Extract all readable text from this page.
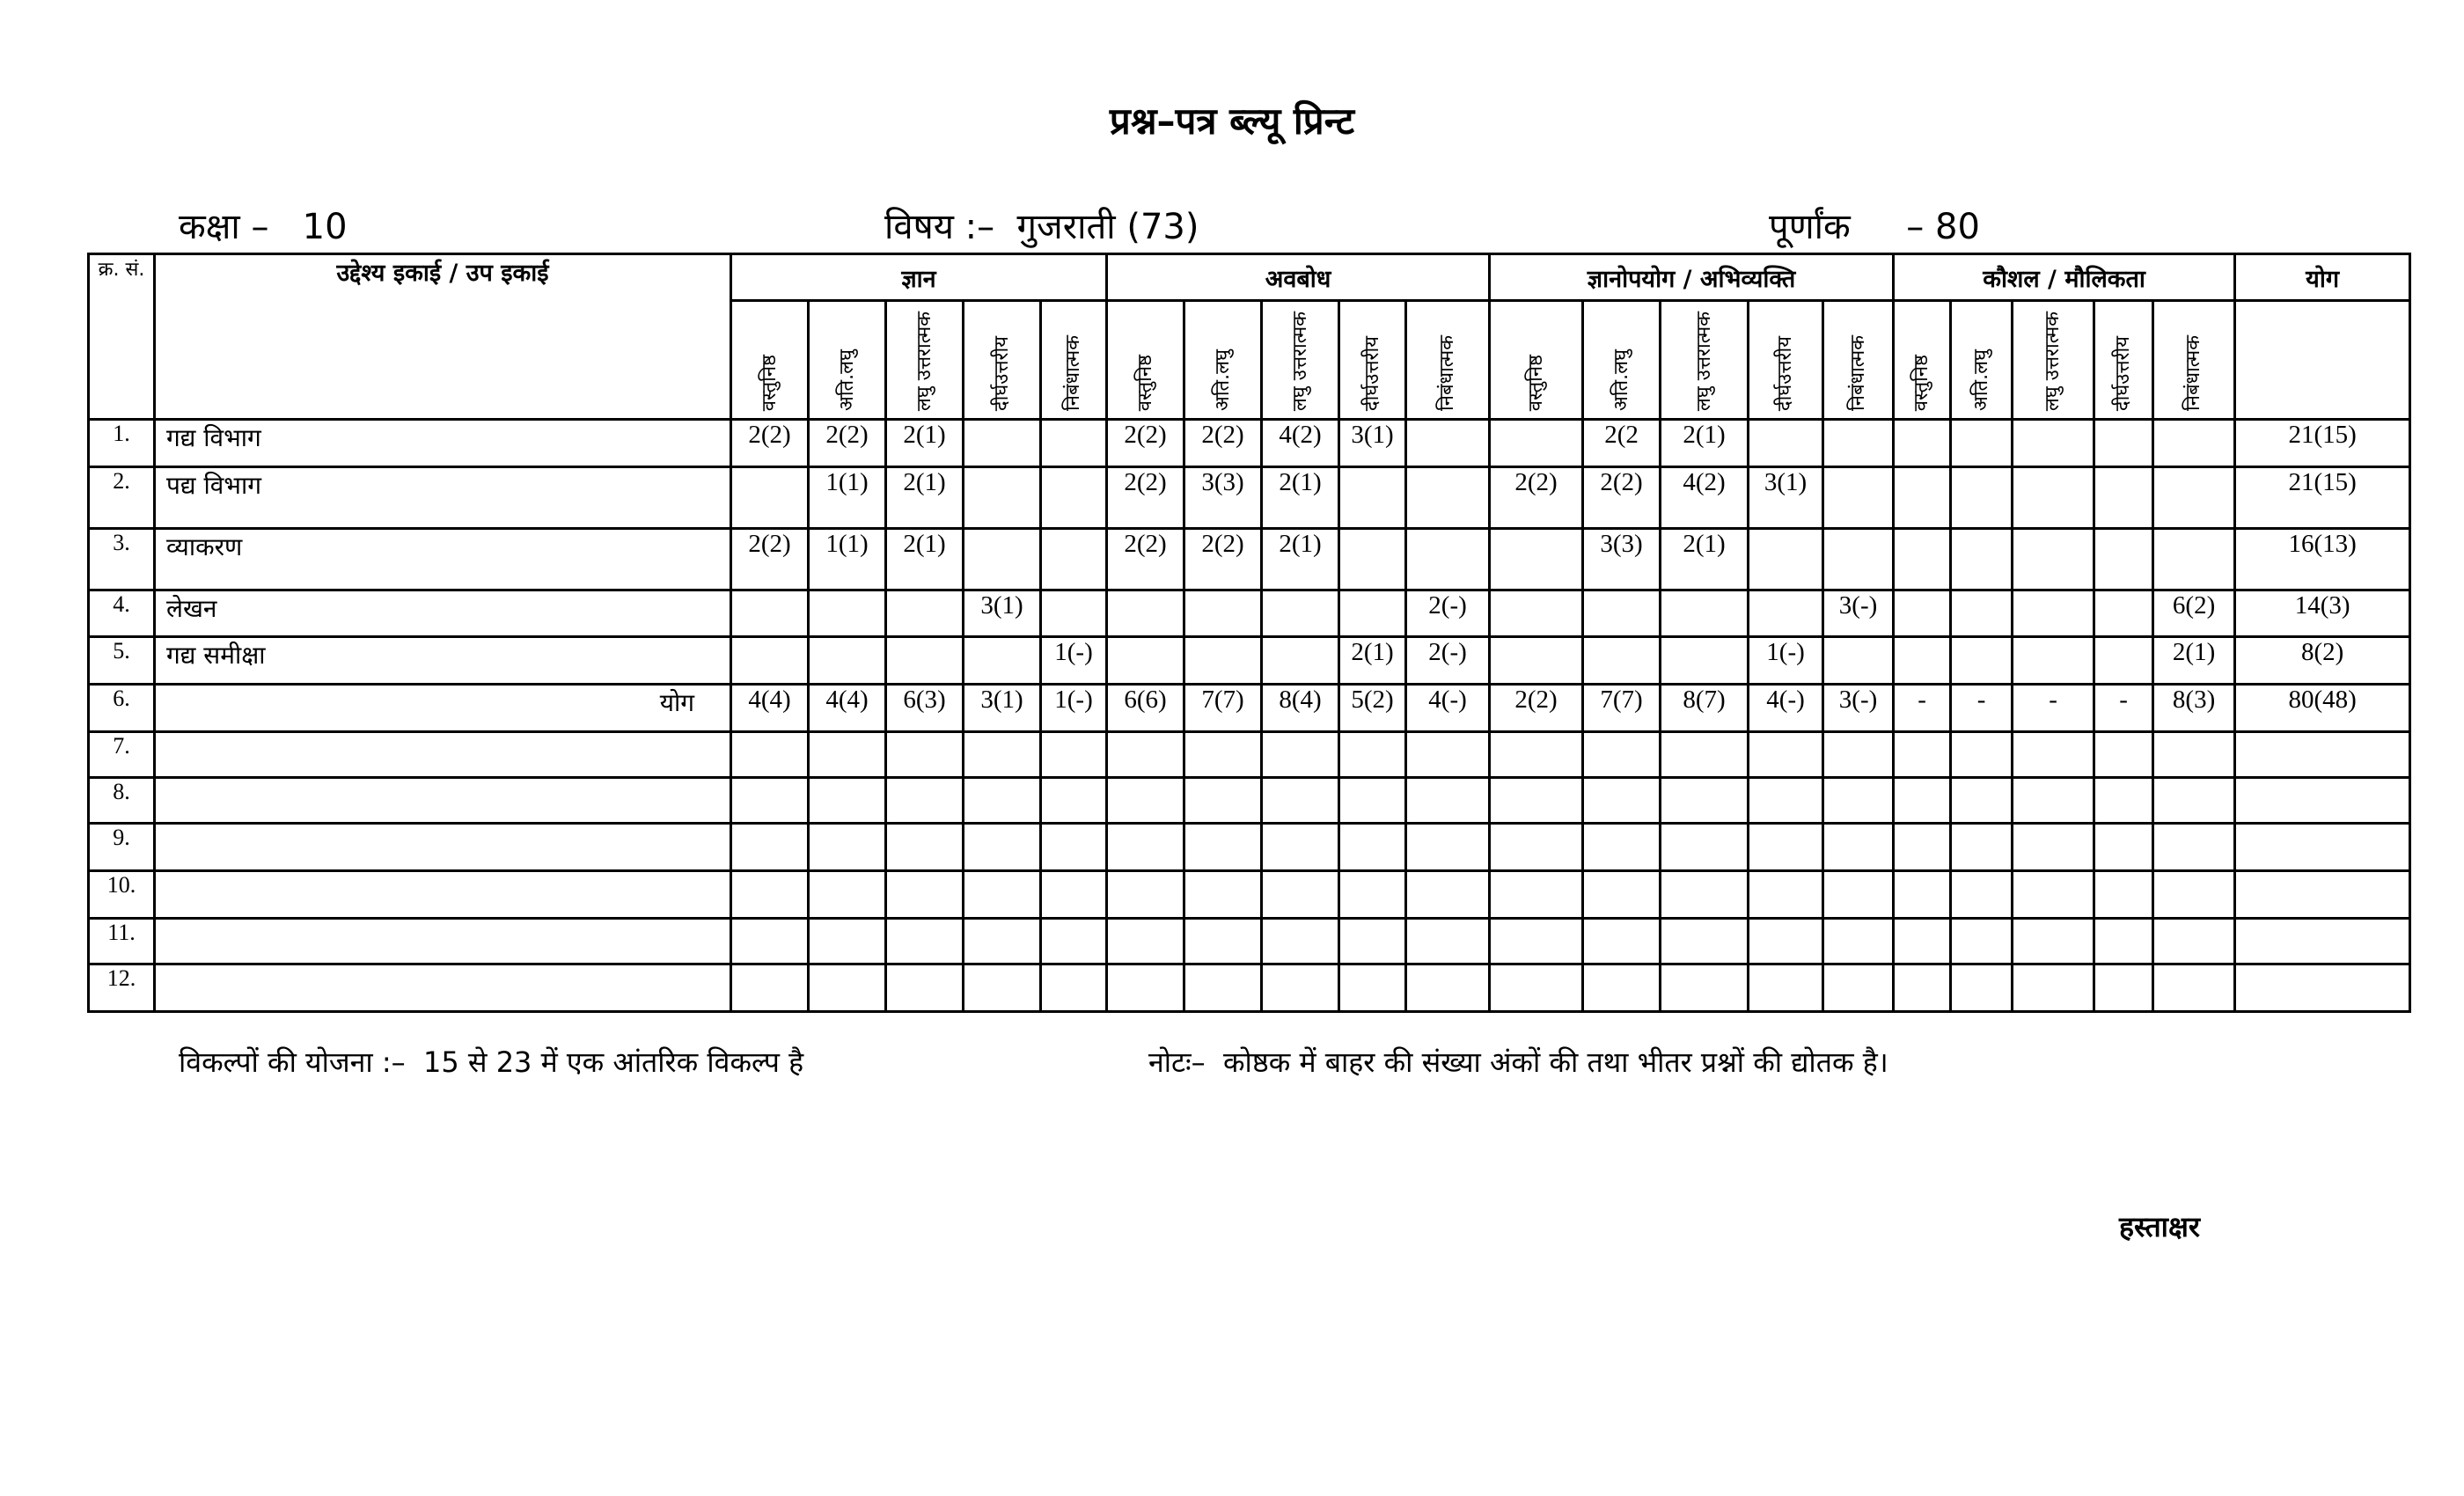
प्रश्न–पत्र ब्ल्यू प्रिन्ट
कक्षा –   10	विषय :–  गुजराती (73)	पूर्णांक     – 80
क्र. सं.	उद्देश्य इकाई / उप इकाई	ज्ञान					अवबोध					ज्ञानोपयोग / अभिव्यक्ति					कौशल / मौलिकता					योग
		वस्तुनिष्ठ	अति.लघु	लघु उत्तरात्मक	दीर्घउत्तरीय	निबंधात्मक	वस्तुनिष्ठ	अति.लघु	लघु उत्तरात्मक	दीर्घउत्तरीय	निबंधात्मक	वस्तुनिष्ठ	अति.लघु	लघु उत्तरात्मक	दीर्घउत्तरीय	निबंधात्मक	वस्तुनिष्ठ	अति.लघु	लघु उत्तरात्मक	दीर्घउत्तरीय	निबंधात्मक	
1.	गद्य विभाग	2(2)	2(2)	2(1)			2(2)	2(2)	4(2)	3(1)			2(2	2(1)								21(15)
2.	पद्य विभाग		1(1)	2(1)			2(2)	3(3)	2(1)			2(2)	2(2)	4(2)	3(1)							21(15)
3.	व्याकरण	2(2)	1(1)	2(1)			2(2)	2(2)	2(1)				3(3)	2(1)								16(13)
4.	लेखन				3(1)						2(-)					3(-)					6(2)	14(3)
5.	गद्य समीक्षा					1(-)				2(1)	2(-)				1(-)						2(1)	8(2)
6.	योग	4(4)	4(4)	6(3)	3(1)	1(-)	6(6)	7(7)	8(4)	5(2)	4(-)	2(2)	7(7)	8(7)	4(-)	3(-)	-	-	-	-	8(3)	80(48)
7.																						
8.																						
9.																						
10.																						
11.																						
12.																						
विकल्पों की योजना :–  15 से 23 में एक आंतरिक विकल्प है	नोटः–  कोष्ठक में बाहर की संख्या अंकों की तथा भीतर प्रश्नों की द्योतक है।
हस्ताक्षर
